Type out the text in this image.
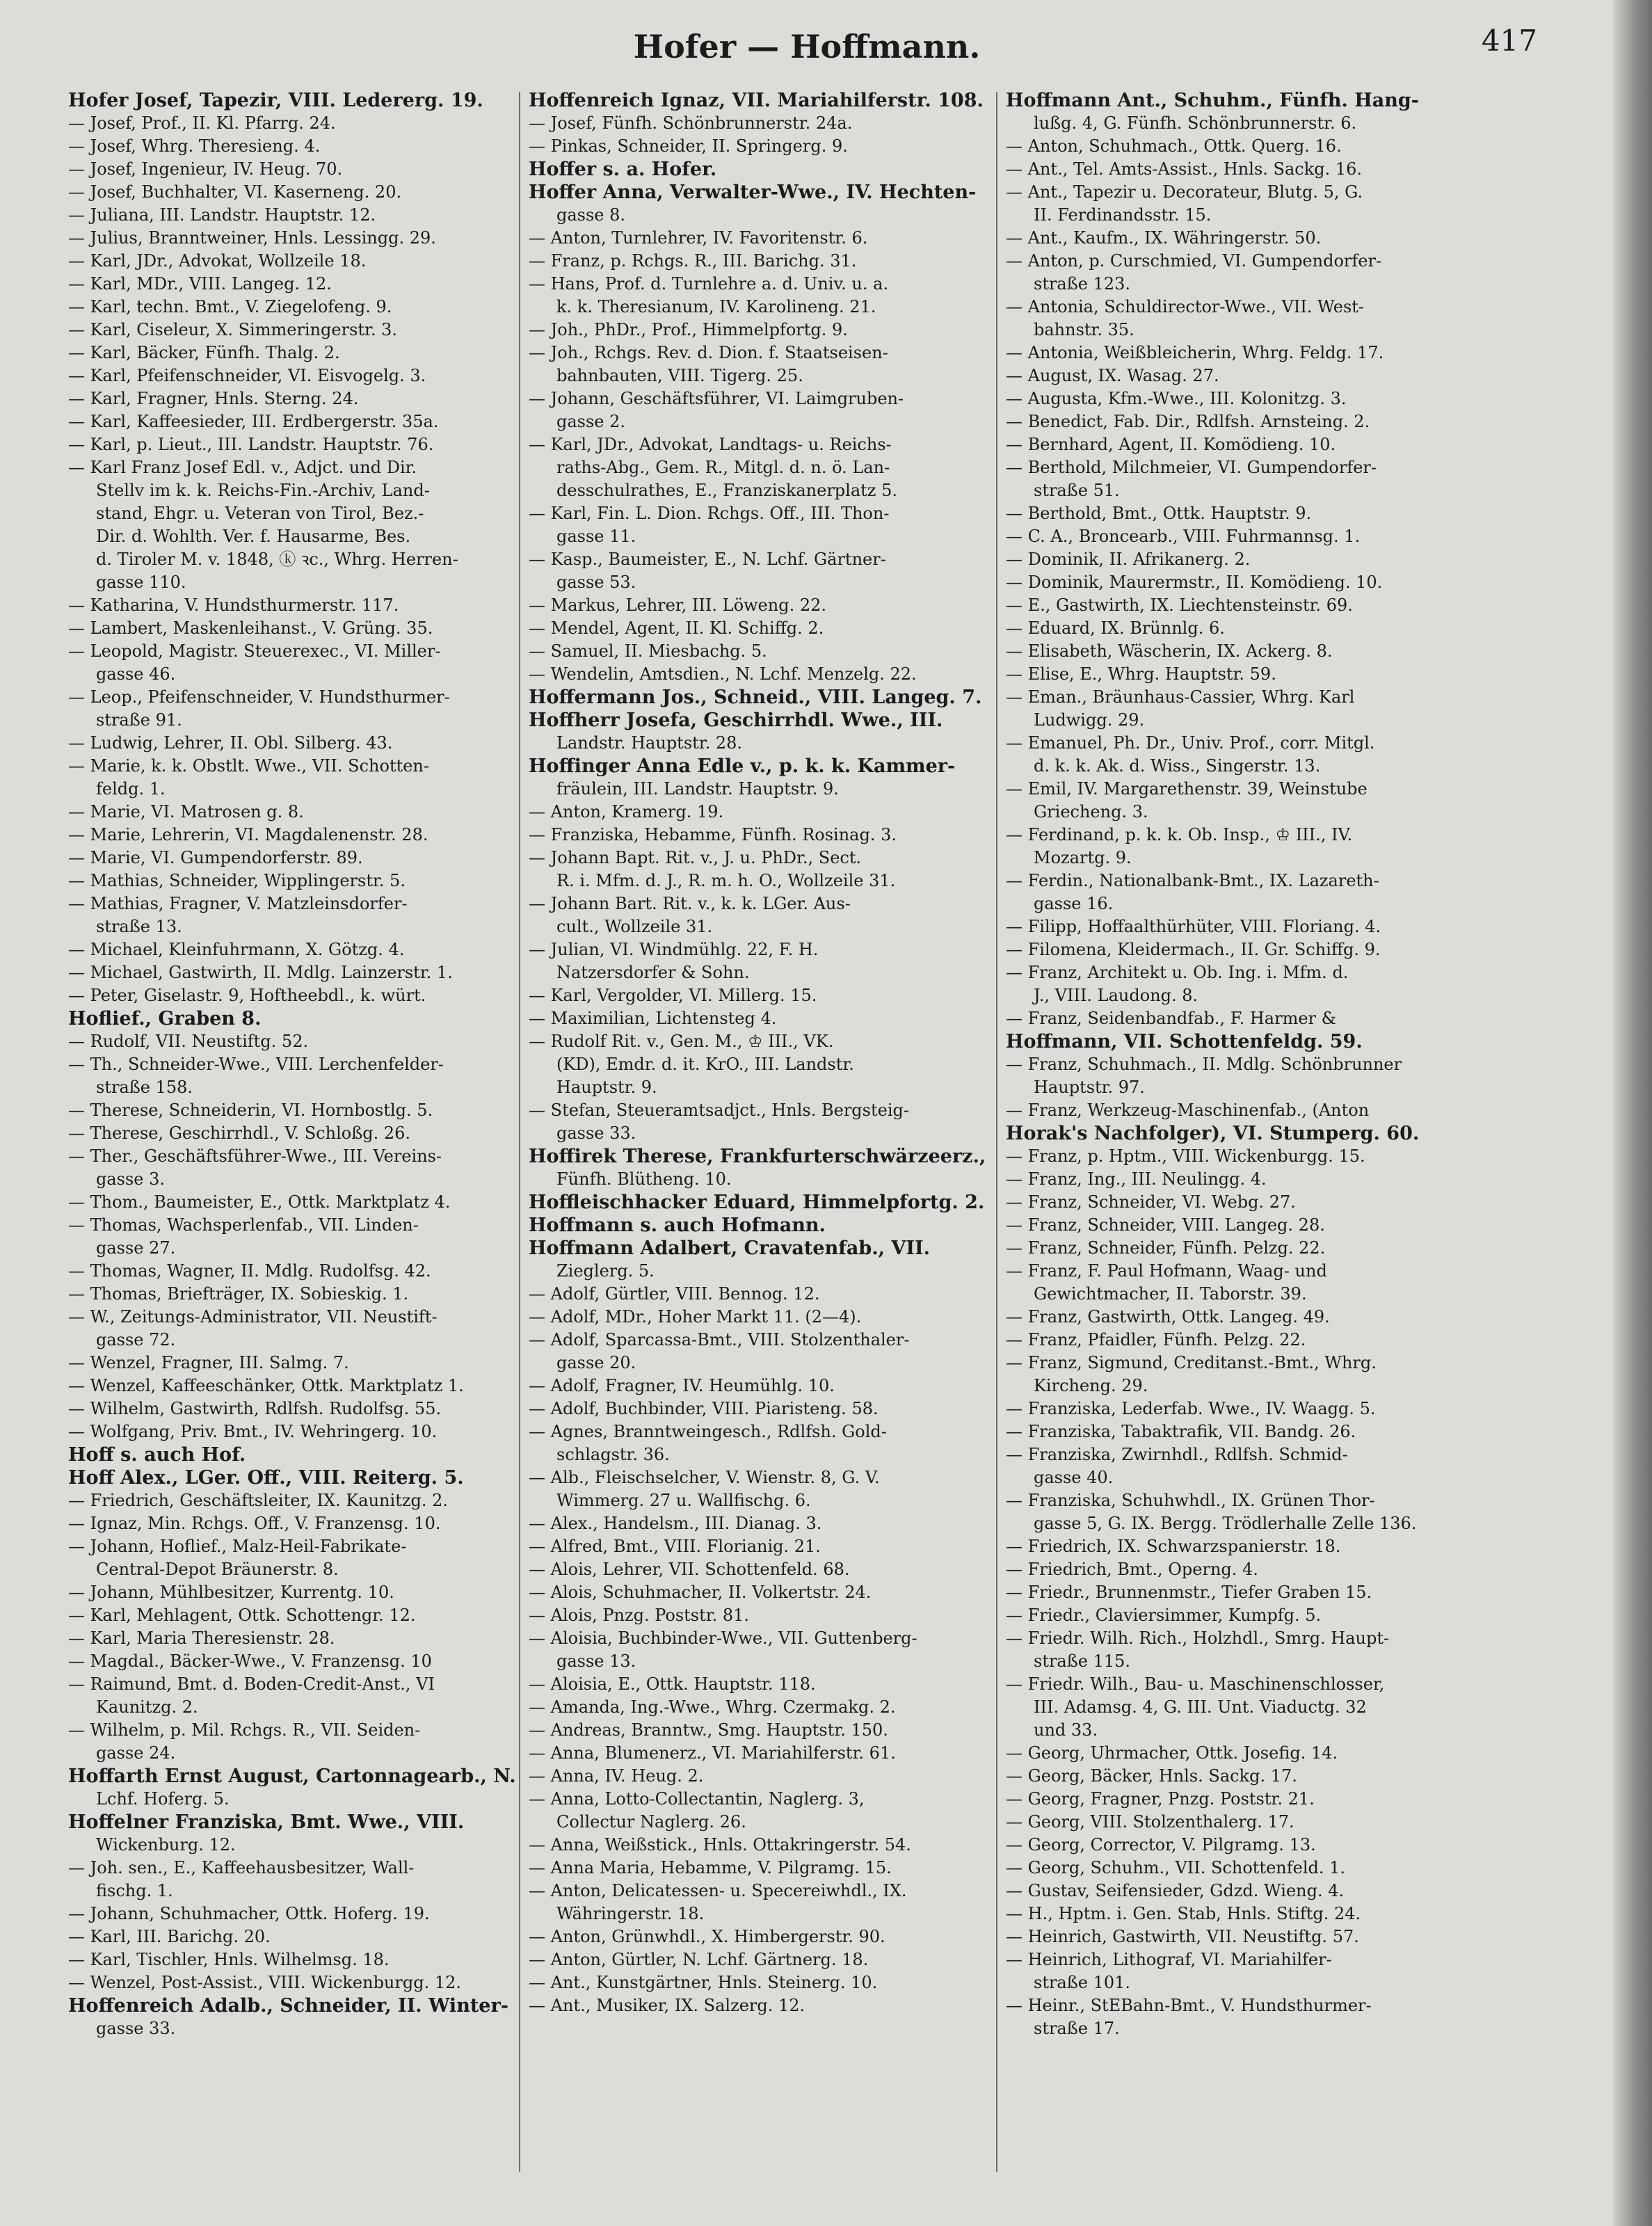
Hofer — Hoffmann.	417
Hofer Josef, Tapezir, VIII. Ledererg. 19.
— Josef, Prof., II. Kl. Pfarrg. 24.
— Josef, Whrg. Theresieng. 4.
— Josef, Ingenieur, IV. Heug. 70.
— Josef, Buchhalter, VI. Kaserneng. 20.
— Juliana, III. Landstr. Hauptstr. 12.
— Julius, Branntweiner, Hnls. Lessingg. 29.
— Karl, JDr., Advokat, Wollzeile 18.
— Karl, MDr., VIII. Langeg. 12.
— Karl, techn. Bmt., V. Ziegelofeng. 9.
— Karl, Ciseleur, X. Simmeringerstr. 3.
— Karl, Bäcker, Fünfh. Thalg. 2.
— Karl, Pfeifenschneider, VI. Eisvogelg. 3.
— Karl, Fragner, Hnls. Sterng. 24.
— Karl, Kaffeesieder, III. Erdbergerstr. 35a.
— Karl, p. Lieut., III. Landstr. Hauptstr. 76.
— Karl Franz Josef Edl. v., Adjct. und Dir.
Stellv im k. k. Reichs-Fin.-Archiv, Land-
stand, Ehgr. u. Veteran von Tirol, Bez.-
Dir. d. Wohlth. Ver. f. Hausarme, Bes.
d. Tiroler M. v. 1848, ⓚ ꝛc., Whrg. Herren-
gasse 110.
— Katharina, V. Hundsthurmerstr. 117.
— Lambert, Maskenleihanst., V. Grüng. 35.
— Leopold, Magistr. Steuerexec., VI. Miller-
gasse 46.
— Leop., Pfeifenschneider, V. Hundsthurmer-
straße 91.
— Ludwig, Lehrer, II. Obl. Silberg. 43.
— Marie, k. k. Obstlt. Wwe., VII. Schotten-
feldg. 1.
— Marie, VI. Matrosen g. 8.
— Marie, Lehrerin, VI. Magdalenenstr. 28.
— Marie, VI. Gumpendorferstr. 89.
— Mathias, Schneider, Wipplingerstr. 5.
— Mathias, Fragner, V. Matzleinsdorfer-
straße 13.
— Michael, Kleinfuhrmann, X. Götzg. 4.
— Michael, Gastwirth, II. Mdlg. Lainzerstr. 1.
— Peter, Giselastr. 9, Hoftheebdl., k. würt.
Hoflief., Graben 8.
— Rudolf, VII. Neustiftg. 52.
— Th., Schneider-Wwe., VIII. Lerchenfelder-
straße 158.
— Therese, Schneiderin, VI. Hornbostlg. 5.
— Therese, Geschirrhdl., V. Schloßg. 26.
— Ther., Geschäftsführer-Wwe., III. Vereins-
gasse 3.
— Thom., Baumeister, E., Ottk. Marktplatz 4.
— Thomas, Wachsperlenfab., VII. Linden-
gasse 27.
— Thomas, Wagner, II. Mdlg. Rudolfsg. 42.
— Thomas, Briefträger, IX. Sobieskig. 1.
— W., Zeitungs-Administrator, VII. Neustift-
gasse 72.
— Wenzel, Fragner, III. Salmg. 7.
— Wenzel, Kaffeeschänker, Ottk. Marktplatz 1.
— Wilhelm, Gastwirth, Rdlfsh. Rudolfsg. 55.
— Wolfgang, Priv. Bmt., IV. Wehringerg. 10.
Hoff s. auch Hof.
Hoff Alex., LGer. Off., VIII. Reiterg. 5.
— Friedrich, Geschäftsleiter, IX. Kaunitzg. 2.
— Ignaz, Min. Rchgs. Off., V. Franzensg. 10.
— Johann, Hoflief., Malz-Heil-Fabrikate-
Central-Depot Bräunerstr. 8.
— Johann, Mühlbesitzer, Kurrentg. 10.
— Karl, Mehlagent, Ottk. Schottengr. 12.
— Karl, Maria Theresienstr. 28.
— Magdal., Bäcker-Wwe., V. Franzensg. 10
— Raimund, Bmt. d. Boden-Credit-Anst., VI
Kaunitzg. 2.
— Wilhelm, p. Mil. Rchgs. R., VII. Seiden-
gasse 24.
Hoffarth Ernst August, Cartonnagearb., N.
Lchf. Hoferg. 5.
Hoffelner Franziska, Bmt. Wwe., VIII.
Wickenburg. 12.
— Joh. sen., E., Kaffeehausbesitzer, Wall-
fischg. 1.
— Johann, Schuhmacher, Ottk. Hoferg. 19.
— Karl, III. Barichg. 20.
— Karl, Tischler, Hnls. Wilhelmsg. 18.
— Wenzel, Post-Assist., VIII. Wickenburgg. 12.
Hoffenreich Adalb., Schneider, II. Winter-
gasse 33.
Hoffenreich Ignaz, VII. Mariahilferstr. 108.
— Josef, Fünfh. Schönbrunnerstr. 24a.
— Pinkas, Schneider, II. Springerg. 9.
Hoffer s. a. Hofer.
Hoffer Anna, Verwalter-Wwe., IV. Hechten-
gasse 8.
— Anton, Turnlehrer, IV. Favoritenstr. 6.
— Franz, p. Rchgs. R., III. Barichg. 31.
— Hans, Prof. d. Turnlehre a. d. Univ. u. a.
k. k. Theresianum, IV. Karolineng. 21.
— Joh., PhDr., Prof., Himmelpfortg. 9.
— Joh., Rchgs. Rev. d. Dion. f. Staatseisen-
bahnbauten, VIII. Tigerg. 25.
— Johann, Geschäftsführer, VI. Laimgruben-
gasse 2.
— Karl, JDr., Advokat, Landtags- u. Reichs-
raths-Abg., Gem. R., Mitgl. d. n. ö. Lan-
desschulrathes, E., Franziskanerplatz 5.
— Karl, Fin. L. Dion. Rchgs. Off., III. Thon-
gasse 11.
— Kasp., Baumeister, E., N. Lchf. Gärtner-
gasse 53.
— Markus, Lehrer, III. Löweng. 22.
— Mendel, Agent, II. Kl. Schiffg. 2.
— Samuel, II. Miesbachg. 5.
— Wendelin, Amtsdien., N. Lchf. Menzelg. 22.
Hoffermann Jos., Schneid., VIII. Langeg. 7.
Hoffherr Josefa, Geschirrhdl. Wwe., III.
Landstr. Hauptstr. 28.
Hoffinger Anna Edle v., p. k. k. Kammer-
fräulein, III. Landstr. Hauptstr. 9.
— Anton, Kramerg. 19.
— Franziska, Hebamme, Fünfh. Rosinag. 3.
— Johann Bapt. Rit. v., J. u. PhDr., Sect.
R. i. Mfm. d. J., R. m. h. O., Wollzeile 31.
— Johann Bart. Rit. v., k. k. LGer. Aus-
cult., Wollzeile 31.
— Julian, VI. Windmühlg. 22, F. H.
Natzersdorfer & Sohn.
— Karl, Vergolder, VI. Millerg. 15.
— Maximilian, Lichtensteg 4.
— Rudolf Rit. v., Gen. M., ♔ III., VK.
(KD), Emdr. d. it. KrO., III. Landstr.
Hauptstr. 9.
— Stefan, Steueramtsadjct., Hnls. Bergsteig-
gasse 33.
Hoffirek Therese, Frankfurterschwärzeerz.,
Fünfh. Blütheng. 10.
Hoffleischhacker Eduard, Himmelpfortg. 2.
Hoffmann s. auch Hofmann.
Hoffmann Adalbert, Cravatenfab., VII.
Zieglerg. 5.
— Adolf, Gürtler, VIII. Bennog. 12.
— Adolf, MDr., Hoher Markt 11. (2—4).
— Adolf, Sparcassa-Bmt., VIII. Stolzenthaler-
gasse 20.
— Adolf, Fragner, IV. Heumühlg. 10.
— Adolf, Buchbinder, VIII. Piaristeng. 58.
— Agnes, Branntweingesch., Rdlfsh. Gold-
schlagstr. 36.
— Alb., Fleischselcher, V. Wienstr. 8, G. V.
Wimmerg. 27 u. Wallfischg. 6.
— Alex., Handelsm., III. Dianag. 3.
— Alfred, Bmt., VIII. Florianig. 21.
— Alois, Lehrer, VII. Schottenfeld. 68.
— Alois, Schuhmacher, II. Volkertstr. 24.
— Alois, Pnzg. Poststr. 81.
— Aloisia, Buchbinder-Wwe., VII. Guttenberg-
gasse 13.
— Aloisia, E., Ottk. Hauptstr. 118.
— Amanda, Ing.-Wwe., Whrg. Czermakg. 2.
— Andreas, Branntw., Smg. Hauptstr. 150.
— Anna, Blumenerz., VI. Mariahilferstr. 61.
— Anna, IV. Heug. 2.
— Anna, Lotto-Collectantin, Naglerg. 3,
Collectur Naglerg. 26.
— Anna, Weißstick., Hnls. Ottakringerstr. 54.
— Anna Maria, Hebamme, V. Pilgramg. 15.
— Anton, Delicatessen- u. Specereiwhdl., IX.
Währingerstr. 18.
— Anton, Grünwhdl., X. Himbergerstr. 90.
— Anton, Gürtler, N. Lchf. Gärtnerg. 18.
— Ant., Kunstgärtner, Hnls. Steinerg. 10.
— Ant., Musiker, IX. Salzerg. 12.
Hoffmann Ant., Schuhm., Fünfh. Hang-
lußg. 4, G. Fünfh. Schönbrunnerstr. 6.
— Anton, Schuhmach., Ottk. Querg. 16.
— Ant., Tel. Amts-Assist., Hnls. Sackg. 16.
— Ant., Tapezir u. Decorateur, Blutg. 5, G.
II. Ferdinandsstr. 15.
— Ant., Kaufm., IX. Währingerstr. 50.
— Anton, p. Curschmied, VI. Gumpendorfer-
straße 123.
— Antonia, Schuldirector-Wwe., VII. West-
bahnstr. 35.
— Antonia, Weißbleicherin, Whrg. Feldg. 17.
— August, IX. Wasag. 27.
— Augusta, Kfm.-Wwe., III. Kolonitzg. 3.
— Benedict, Fab. Dir., Rdlfsh. Arnsteing. 2.
— Bernhard, Agent, II. Komödieng. 10.
— Berthold, Milchmeier, VI. Gumpendorfer-
straße 51.
— Berthold, Bmt., Ottk. Hauptstr. 9.
— C. A., Broncearb., VIII. Fuhrmannsg. 1.
— Dominik, II. Afrikanerg. 2.
— Dominik, Maurermstr., II. Komödieng. 10.
— E., Gastwirth, IX. Liechtensteinstr. 69.
— Eduard, IX. Brünnlg. 6.
— Elisabeth, Wäscherin, IX. Ackerg. 8.
— Elise, E., Whrg. Hauptstr. 59.
— Eman., Bräunhaus-Cassier, Whrg. Karl
Ludwigg. 29.
— Emanuel, Ph. Dr., Univ. Prof., corr. Mitgl.
d. k. k. Ak. d. Wiss., Singerstr. 13.
— Emil, IV. Margarethenstr. 39, Weinstube
Griecheng. 3.
— Ferdinand, p. k. k. Ob. Insp., ♔ III., IV.
Mozartg. 9.
— Ferdin., Nationalbank-Bmt., IX. Lazareth-
gasse 16.
— Filipp, Hoffaalthürhüter, VIII. Floriang. 4.
— Filomena, Kleidermach., II. Gr. Schiffg. 9.
— Franz, Architekt u. Ob. Ing. i. Mfm. d.
J., VIII. Laudong. 8.
— Franz, Seidenbandfab., F. Harmer &
Hoffmann, VII. Schottenfeldg. 59.
— Franz, Schuhmach., II. Mdlg. Schönbrunner
Hauptstr. 97.
— Franz, Werkzeug-Maschinenfab., (Anton
Horak's Nachfolger), VI. Stumperg. 60.
— Franz, p. Hptm., VIII. Wickenburgg. 15.
— Franz, Ing., III. Neulingg. 4.
— Franz, Schneider, VI. Webg. 27.
— Franz, Schneider, VIII. Langeg. 28.
— Franz, Schneider, Fünfh. Pelzg. 22.
— Franz, F. Paul Hofmann, Waag- und
Gewichtmacher, II. Taborstr. 39.
— Franz, Gastwirth, Ottk. Langeg. 49.
— Franz, Pfaidler, Fünfh. Pelzg. 22.
— Franz, Sigmund, Creditanst.-Bmt., Whrg.
Kircheng. 29.
— Franziska, Lederfab. Wwe., IV. Waagg. 5.
— Franziska, Tabaktrafik, VII. Bandg. 26.
— Franziska, Zwirnhdl., Rdlfsh. Schmid-
gasse 40.
— Franziska, Schuhwhdl., IX. Grünen Thor-
gasse 5, G. IX. Bergg. Trödlerhalle Zelle 136.
— Friedrich, IX. Schwarzspanierstr. 18.
— Friedrich, Bmt., Operng. 4.
— Friedr., Brunnenmstr., Tiefer Graben 15.
— Friedr., Claviersimmer, Kumpfg. 5.
— Friedr. Wilh. Rich., Holzhdl., Smrg. Haupt-
straße 115.
— Friedr. Wilh., Bau- u. Maschinenschlosser,
III. Adamsg. 4, G. III. Unt. Viaductg. 32
und 33.
— Georg, Uhrmacher, Ottk. Josefig. 14.
— Georg, Bäcker, Hnls. Sackg. 17.
— Georg, Fragner, Pnzg. Poststr. 21.
— Georg, VIII. Stolzenthalerg. 17.
— Georg, Corrector, V. Pilgramg. 13.
— Georg, Schuhm., VII. Schottenfeld. 1.
— Gustav, Seifensieder, Gdzd. Wieng. 4.
— H., Hptm. i. Gen. Stab, Hnls. Stiftg. 24.
— Heinrich, Gastwirth, VII. Neustiftg. 57.
— Heinrich, Lithograf, VI. Mariahilfer-
straße 101.
— Heinr., StEBahn-Bmt., V. Hundsthurmer-
straße 17.
